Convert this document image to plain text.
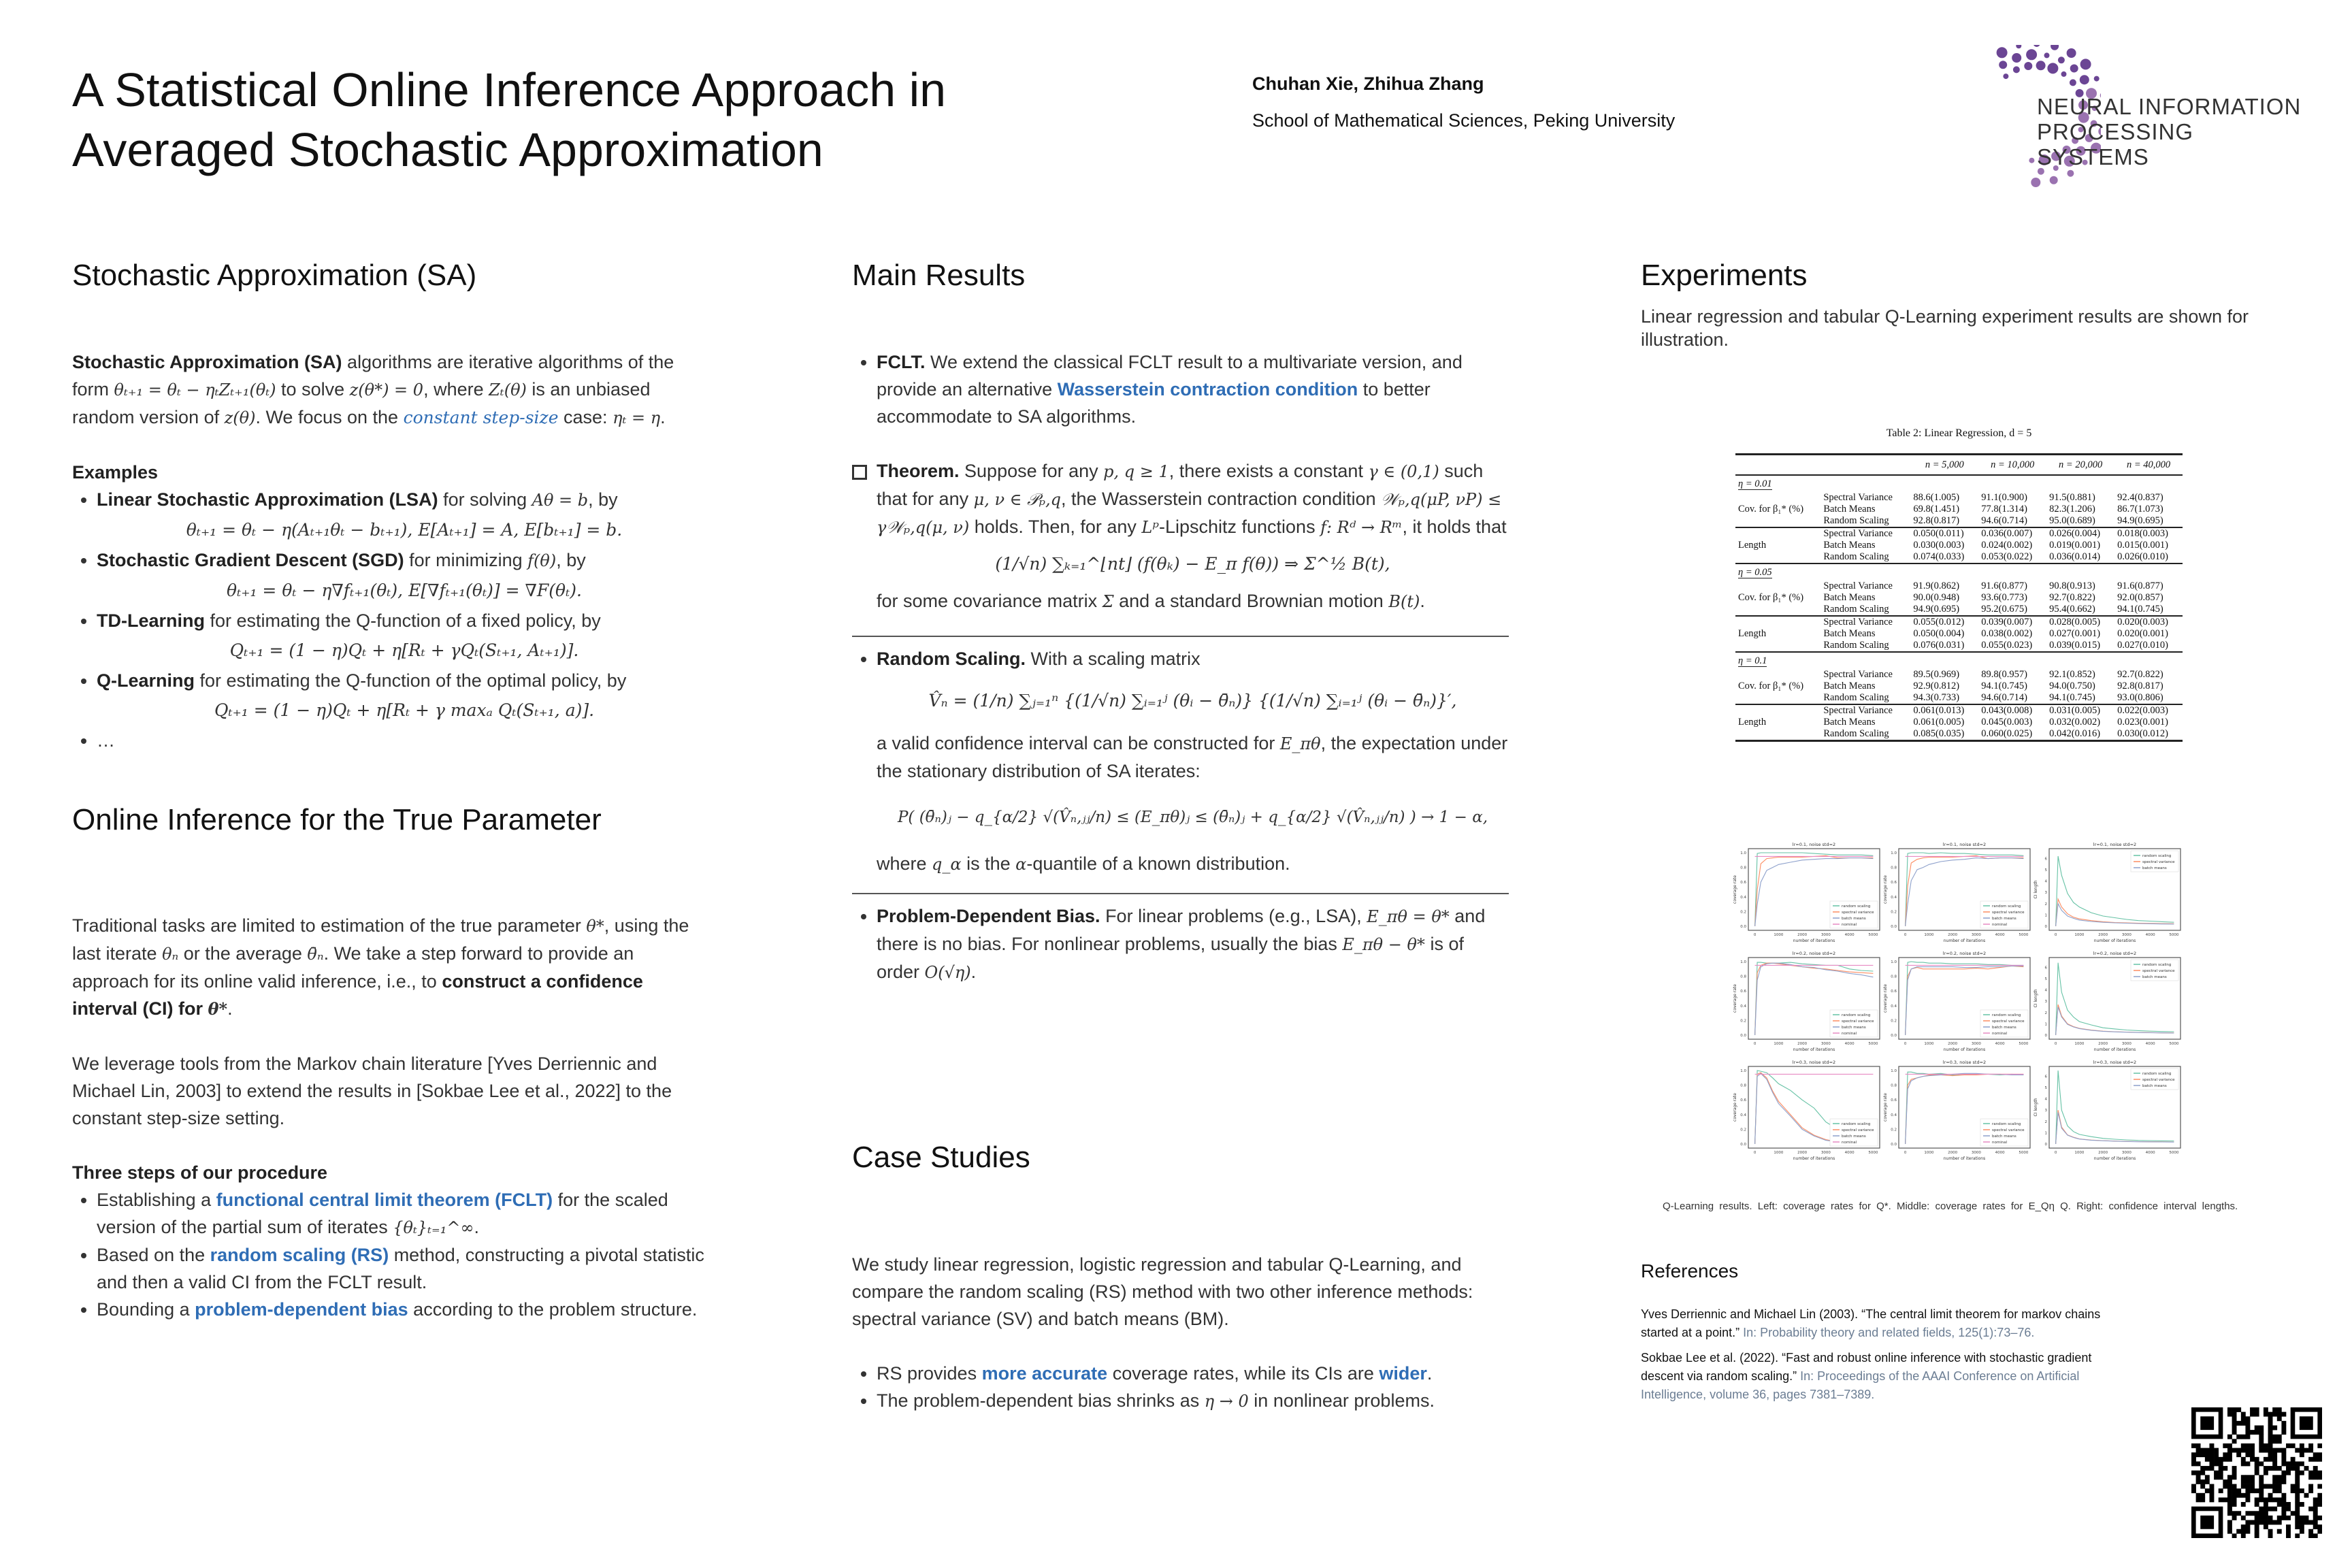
A Statistical Online Inference Approach in
Averaged Stochastic Approximation
Chuhan Xie, Zhihua Zhang
School of Mathematical Sciences, Peking University
NEURAL INFORMATION
PROCESSING SYSTEMS
Stochastic Approximation (SA)

Stochastic Approximation (SA) algorithms are iterative algorithms of the form θₜ₊₁ = θₜ − ηₜZₜ₊₁(θₜ) to solve z(θ*) = 0, where Zₜ(θ) is an unbiased random version of z(θ). We focus on the constant step-size case: ηₜ = η.

Examples
• Linear Stochastic Approximation (LSA) for solving Aθ = b, by
θₜ₊₁ = θₜ − η(Aₜ₊₁θₜ − bₜ₊₁), E[Aₜ₊₁] = A, E[bₜ₊₁] = b.
• Stochastic Gradient Descent (SGD) for minimizing f(θ), by
θₜ₊₁ = θₜ − η∇fₜ₊₁(θₜ), E[∇fₜ₊₁(θₜ)] = ∇F(θₜ).
• TD-Learning for estimating the Q-function of a fixed policy, by
Qₜ₊₁ = (1 − η)Qₜ + η[Rₜ + γQₜ(Sₜ₊₁, Aₜ₊₁)].
• Q-Learning for estimating the Q-function of the optimal policy, by
Qₜ₊₁ = (1 − η)Qₜ + η[Rₜ + γ maxₐ Qₜ(Sₜ₊₁, a)].
• …
Online Inference for the True Parameter

Traditional tasks are limited to estimation of the true parameter θ*, using the last iterate θₙ or the average θ̄ₙ. We take a step forward to provide an approach for its online valid inference, i.e., to construct a confidence interval (CI) for θ*.

We leverage tools from the Markov chain literature [Yves Derriennic and Michael Lin, 2003] to extend the results in [Sokbae Lee et al., 2022] to the constant step-size setting.

Three steps of our procedure
• Establishing a functional central limit theorem (FCLT) for the scaled version of the partial sum of iterates {θₜ}ₜ₌₁^∞.
• Based on the random scaling (RS) method, constructing a pivotal statistic and then a valid CI from the FCLT result.
• Bounding a problem-dependent bias according to the problem structure.
Main Results
• FCLT. We extend the classical FCLT result to a multivariate version, and provide an alternative Wasserstein contraction condition to better accommodate to SA algorithms.
Theorem. Suppose for any p, q ≥ 1, there exists a constant γ ∈ (0,1) such that for any μ, ν ∈ 𝒫ₚ,q, the Wasserstein contraction condition 𝒲ₚ,q(μP, νP) ≤ γ𝒲ₚ,q(μ, ν) holds. Then, for any Lᵖ-Lipschitz functions f: Rᵈ → Rᵐ, it holds that
(1/√n) ∑ₖ₌₁^⌊nt⌋ (f(θₖ) − E_π f(θ)) ⇒ Σ^½ B(t),
for some covariance matrix Σ and a standard Brownian motion B(t).
• Random Scaling. With a scaling matrix
V̂ₙ = (1/n) ∑ⱼ₌₁ⁿ {(1/√n) ∑ᵢ₌₁ʲ (θᵢ − θ̄ₙ)} {(1/√n) ∑ᵢ₌₁ʲ (θᵢ − θ̄ₙ)}′,
a valid confidence interval can be constructed for E_πθ, the expectation under the stationary distribution of SA iterates:
P( (θ̄ₙ)ⱼ − q_{α/2} √(V̂ₙ,ⱼⱼ/n) ≤ (E_πθ)ⱼ ≤ (θ̄ₙ)ⱼ + q_{α/2} √(V̂ₙ,ⱼⱼ/n) ) → 1 − α,
where q_α is the α-quantile of a known distribution.
• Problem-Dependent Bias. For linear problems (e.g., LSA), E_πθ = θ* and there is no bias. For nonlinear problems, usually the bias E_πθ − θ* is of order O(√η).
Case Studies

We study linear regression, logistic regression and tabular Q-Learning, and compare the random scaling (RS) method with two other inference methods: spectral variance (SV) and batch means (BM).

• RS provides more accurate coverage rates, while its CIs are wider.
• The problem-dependent bias shrinks as η → 0 in nonlinear problems.
Experiments
Linear regression and tabular Q-Learning experiment results are shown for illustration.
Table 2: Linear Regression, d = 5

		n = 5,000	n = 10,000	n = 20,000	n = 40,000

η = 0.01					
Cov. for β₁* (%)	Spectral Variance	88.6(1.005)	91.1(0.900)	91.5(0.881)	92.4(0.837)
	Batch Means	69.8(1.451)	77.8(1.314)	82.3(1.206)	86.7(1.073)
	Random Scaling	92.8(0.817)	94.6(0.714)	95.0(0.689)	94.9(0.695)

Length	Spectral Variance	0.050(0.011)	0.036(0.007)	0.026(0.004)	0.018(0.003)
	Batch Means	0.030(0.003)	0.024(0.002)	0.019(0.001)	0.015(0.001)
	Random Scaling	0.074(0.033)	0.053(0.022)	0.036(0.014)	0.026(0.010)

η = 0.05					
Cov. for β₁* (%)	Spectral Variance	91.9(0.862)	91.6(0.877)	90.8(0.913)	91.6(0.877)
	Batch Means	90.0(0.948)	93.6(0.773)	92.7(0.822)	92.0(0.857)
	Random Scaling	94.9(0.695)	95.2(0.675)	95.4(0.662)	94.1(0.745)

Length	Spectral Variance	0.055(0.012)	0.039(0.007)	0.028(0.005)	0.020(0.003)
	Batch Means	0.050(0.004)	0.038(0.002)	0.027(0.001)	0.020(0.001)
	Random Scaling	0.076(0.031)	0.055(0.023)	0.039(0.015)	0.027(0.010)

η = 0.1					
Cov. for β₁* (%)	Spectral Variance	89.5(0.969)	89.8(0.957)	92.1(0.852)	92.7(0.822)
	Batch Means	92.9(0.812)	94.1(0.745)	94.0(0.750)	92.8(0.817)
	Random Scaling	94.3(0.733)	94.6(0.714)	94.1(0.745)	93.0(0.806)

Length	Spectral Variance	0.061(0.013)	0.043(0.008)	0.031(0.005)	0.022(0.003)
	Batch Means	0.061(0.005)	0.045(0.003)	0.032(0.002)	0.023(0.001)
	Random Scaling	0.085(0.035)	0.060(0.025)	0.042(0.016)	0.030(0.012)

lr=0.1, noise std=2
0	1000	2000	3000	4000	5000
0.0
0.2
0.4
0.6
0.8
1.0
number of iterations
coverage rate
random scaling
spectral variance
batch means
nominal
lr=0.1, noise std=2
0	1000	2000	3000	4000	5000
0.0
0.2
0.4
0.6
0.8
1.0
number of iterations
coverage rate
random scaling
spectral variance
batch means
nominal
lr=0.1, noise std=2
0	1000	2000	3000	4000	5000
0
1
2
3
4
5
6
number of iterations
CI length
random scaling
spectral variance
batch means
lr=0.2, noise std=2
0	1000	2000	3000	4000	5000
0.0
0.2
0.4
0.6
0.8
1.0
number of iterations
coverage rate
random scaling
spectral variance
batch means
nominal
lr=0.2, noise std=2
0	1000	2000	3000	4000	5000
0.0
0.2
0.4
0.6
0.8
1.0
number of iterations
coverage rate
random scaling
spectral variance
batch means
nominal
lr=0.2, noise std=2
0	1000	2000	3000	4000	5000
0
1
2
3
4
5
6
number of iterations
CI length
random scaling
spectral variance
batch means
lr=0.3, noise std=2
0	1000	2000	3000	4000	5000
0.0
0.2
0.4
0.6
0.8
1.0
number of iterations
coverage rate
random scaling
spectral variance
batch means
nominal
lr=0.3, noise std=2
0	1000	2000	3000	4000	5000
0.0
0.2
0.4
0.6
0.8
1.0
number of iterations
coverage rate
random scaling
spectral variance
batch means
nominal
lr=0.3, noise std=2
0	1000	2000	3000	4000	5000
0
1
2
3
4
5
6
number of iterations
CI length
random scaling
spectral variance
batch means
Q-Learning results. Left: coverage rates for Q*. Middle: coverage rates for E_Qη Q. Right: confidence interval lengths.
References
Yves Derriennic and Michael Lin (2003). “The central limit theorem for markov chains started at a point.” In: Probability theory and related fields, 125(1):73–76.
Sokbae Lee et al. (2022). “Fast and robust online inference with stochastic gradient descent via random scaling.” In: Proceedings of the AAAI Conference on Artificial Intelligence, volume 36, pages 7381–7389.
